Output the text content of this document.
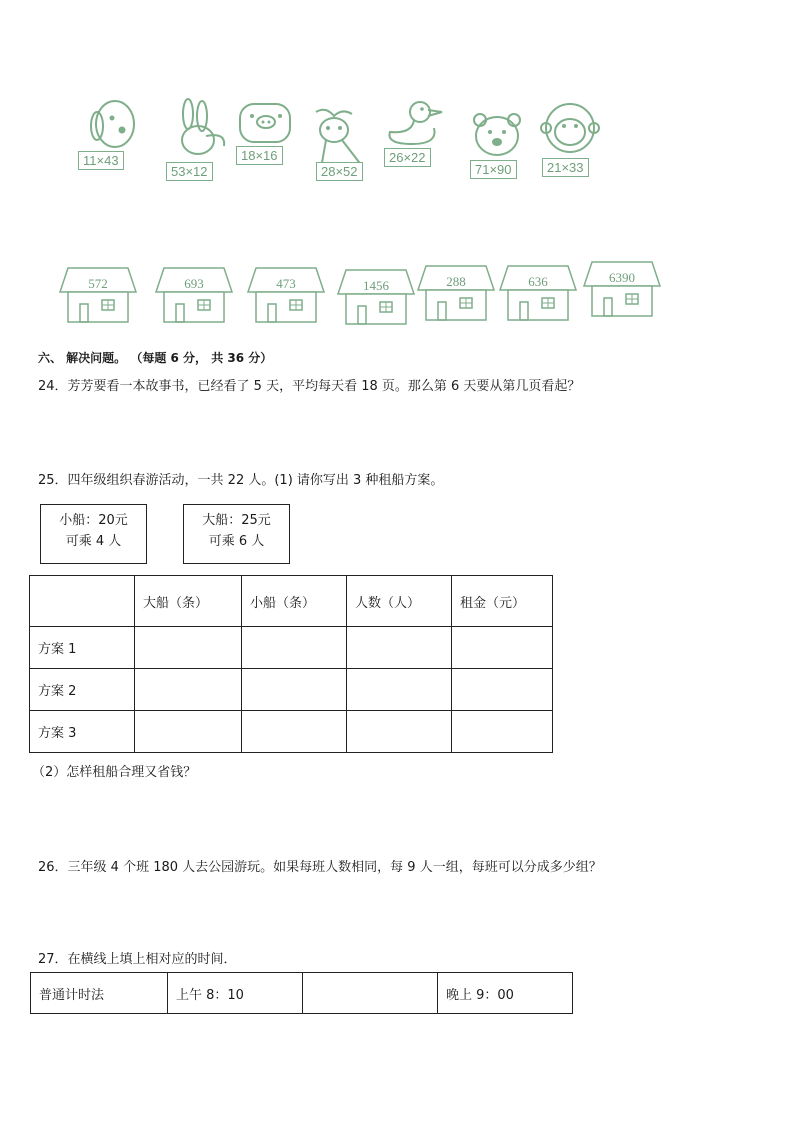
11×43
53×12
18×16
28×52
26×22
71×90	21×33
572	693	473	1456	288	636	6390
六、 解决问题。 （每题 6 分， 共 36 分）
24．芳芳要看一本故事书，已经看了 5 天，平均每天看 18 页。那么第 6 天要从第几页看起？
25．四年级组织春游活动，一共 22 人。(1) 请你写出 3 种租船方案。
小船：20元
可乘 4 人
大船：25元
可乘 6 人
	大船（条）	小船（条）	人数（人）	租金（元）
方案 1				
方案 2				
方案 3				
（2）怎样租船合理又省钱？
26．三年级 4 个班 180 人去公园游玩。如果每班人数相同，每 9 人一组，每班可以分成多少组？
27．在横线上填上相对应的时间．
普通计时法	上午 8：10		晚上 9：00
